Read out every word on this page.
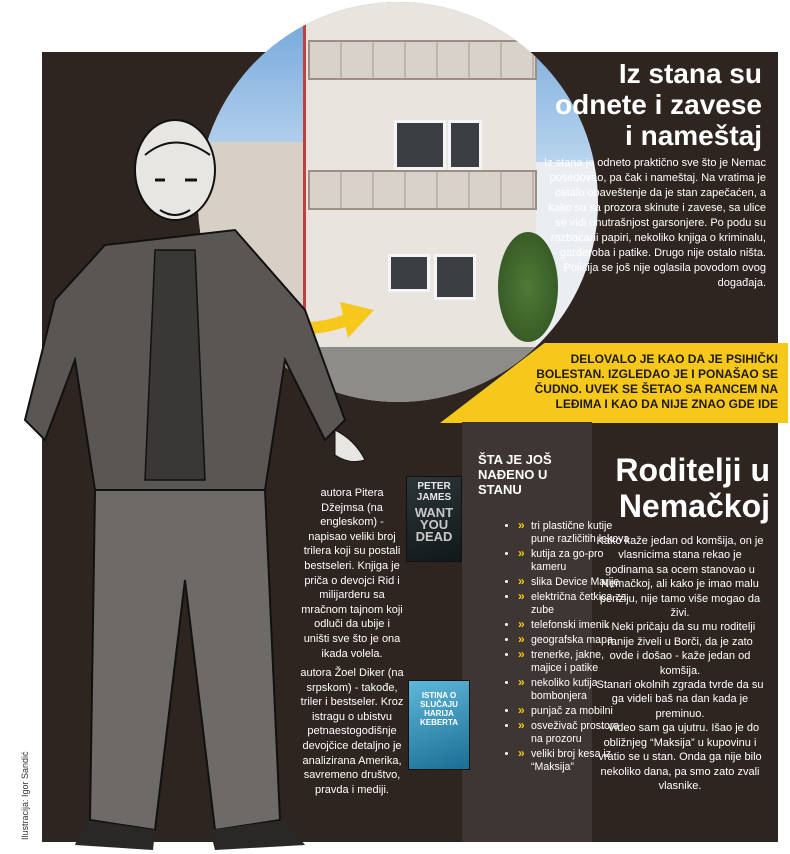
Ilustracija: Igor Sandić
Iz stana su
odnete i zavese
i nameštaj
Iz stana je odneto praktično sve što je Nemac posedovao, pa čak i nameštaj. Na vratima je ostalo obaveštenje da je stan zapečaćen, a kako su sa prozora skinute i zavese, sa ulice se vidi unutrašnjost garsonjere. Po podu su razbacani papiri, nekoliko knjiga o kriminalu, garderoba i patike. Drugo nije ostalo ništa. Policija se još nije oglasila povodom ovog događaja.
DELOVALO JE KAO DA JE PSIHIČKI BOLESTAN. IZGLEDAO JE I PONAŠAO SE ČUDNO. UVEK SE ŠETAO SA RANCEM NA LEĐIMA I KAO DA NIJE ZNAO GDE IDE
ŠTA JE JOŠ NAĐENO U STANU
» • tri plastične kutije pune različitih lekova
» • kutija za go-pro kameru
» • slika Device Marije
» • električna četkica za zube
» • telefonski imenik
» • geografska mapa
» • trenerke, jakne, majice i patike
» • nekoliko kutija bombonjera
» • punjač za mobilni
» • osveživač prostora na prozoru
» • veliki broj kesa iz “Maksija”
Roditelji u
Nemačkoj
Kako kaže jedan od komšija, on je vlasnicima stana rekao je godinama sa ocem stanovao u Nemačkoj, ali kako je imao malu penziju, nije tamo više mogao da živi.
- Neki pričaju da su mu roditelji ranije živeli u Borči, da je zato ovde i došao - kaže jedan od komšija.
Stanari okolnih zgrada tvrde da su ga videli baš na dan kada je preminuo.
- Video sam ga ujutru. Išao je do obližnjeg “Maksija” u kupovinu i vratio se u stan. Onda ga nije bilo nekoliko dana, pa smo zato zvali vlasnike.
PETER JAMES
WANT YOU DEAD
autora Pitera Džejmsa (na engleskom) - napisao veliki broj trilera koji su postali bestseleri. Knjiga je priča o devojci Rid i milijarderu sa mračnom tajnom koji odluči da ubije i uništi sve što je ona ikada volela.
ISTINA O SLUČAJU HARIJA KEBERTA
autora Žoel Diker (na srpskom) - takođe, triler i bestseler. Kroz istragu o ubistvu petnaestogodišnje devojčice detaljno je analizirana Amerika, savremeno društvo, pravda i mediji.
